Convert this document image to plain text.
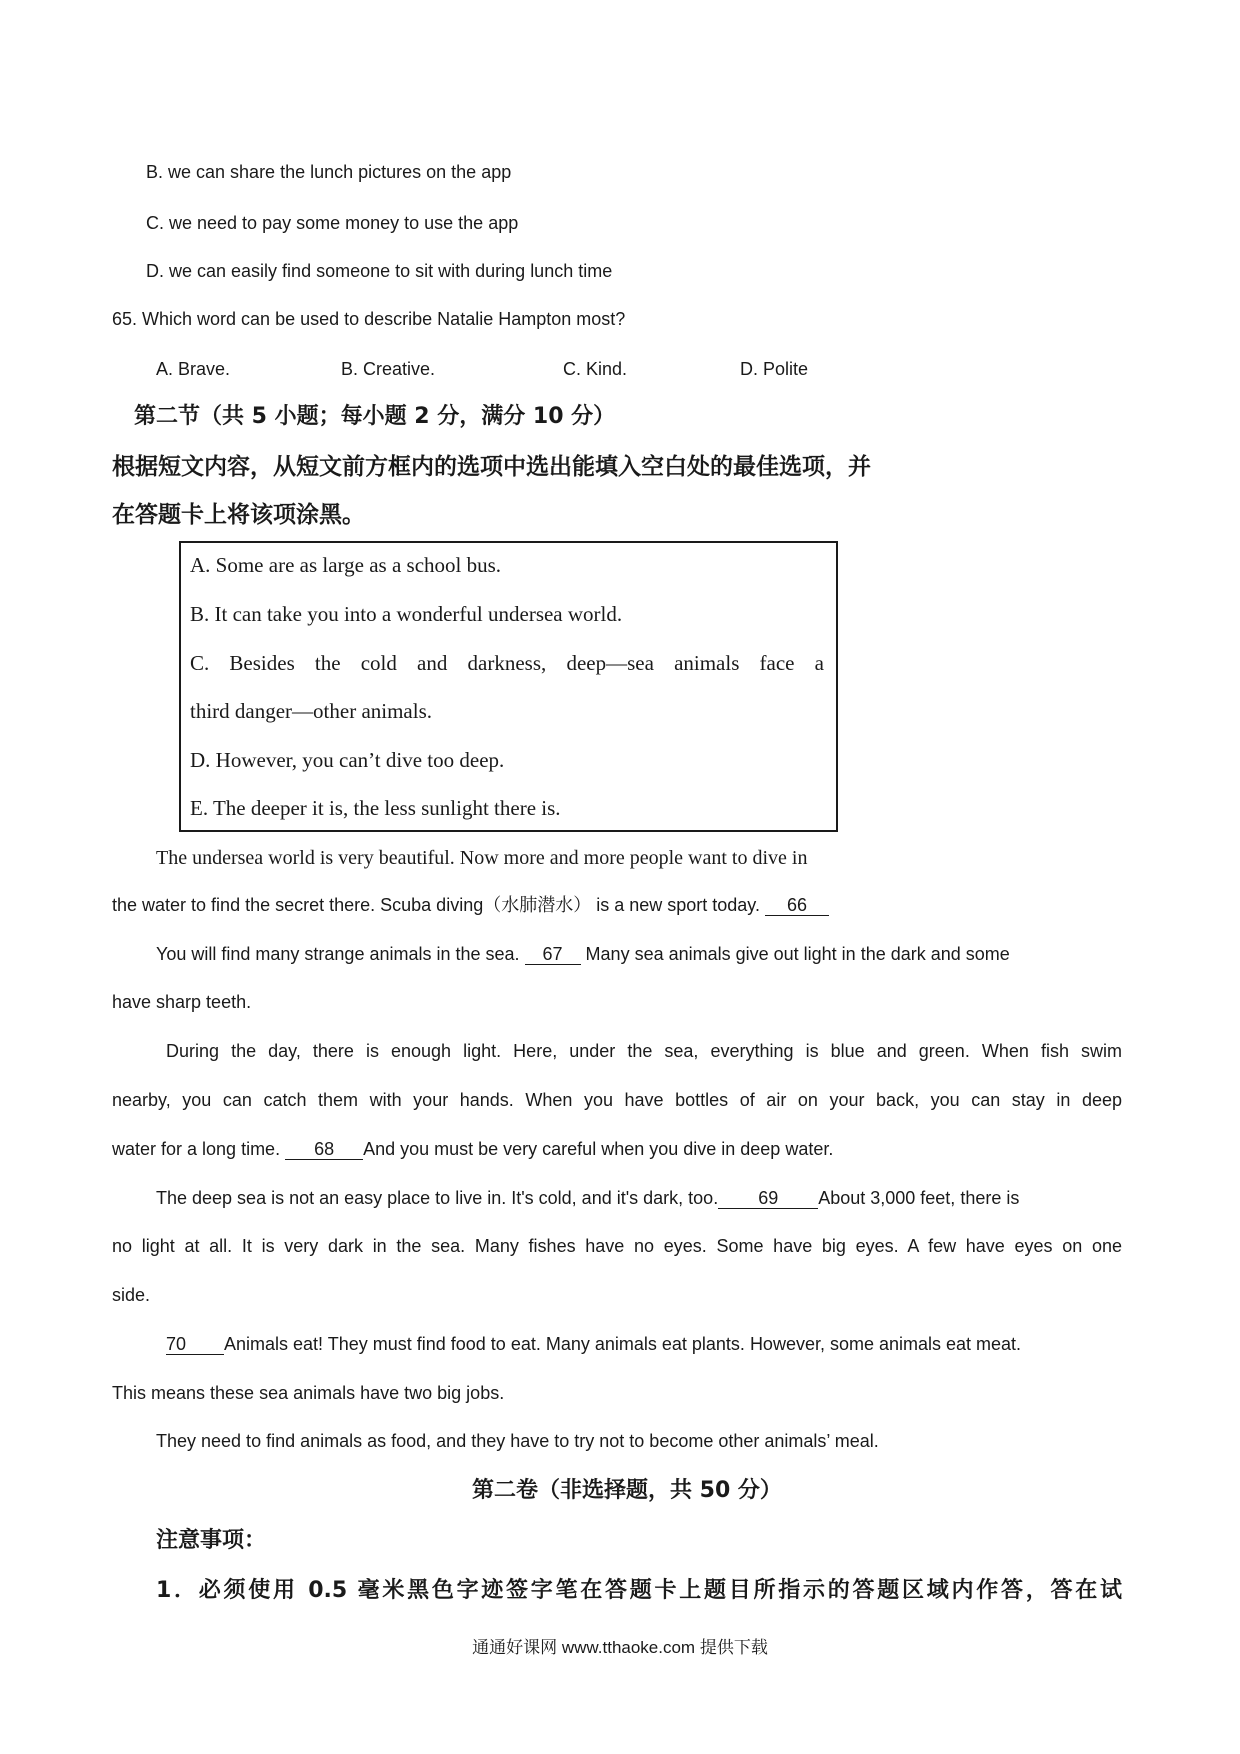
B. we can share the lunch pictures on the app
C. we need to pay some money to use the app
D. we can easily find someone to sit with during lunch time
65. Which word can be used to describe Natalie Hampton most?
A. Brave.	B. Creative.	C. Kind.	D. Polite
第二节（共 5 小题；每小题 2 分，满分 10 分）
根据短文内容，从短文前方框内的选项中选出能填入空白处的最佳选项，并
在答题卡上将该项涂黑。
A. Some are as large as a school bus.
B. It can take you into a wonderful undersea world.
C. Besides the cold and darkness, deep—sea animals face a
third danger—other animals.
D. However, you can’t dive too deep.
E. The deeper it is, the less sunlight there is.
The undersea world is very beautiful. Now more and more people want to dive in
the water to find the secret there. Scuba diving（水肺潜水） is a new sport today. 66
You will find many strange animals in the sea. 67 Many sea animals give out light in the dark and some
have sharp teeth.
During the day, there is enough light. Here, under the sea, everything is blue and green. When fish swim
nearby, you can catch them with your hands. When you have bottles of air on your back, you can stay in deep
water for a long time. 68 And you must be very careful when you dive in deep water.
The deep sea is not an easy place to live in. It's cold, and it's dark, too. 69 About 3,000 feet, there is
no light at all. It is very dark in the sea. Many fishes have no eyes. Some have big eyes. A few have eyes on one
side.
70 Animals eat! They must find food to eat. Many animals eat plants. However, some animals eat meat.
This means these sea animals have two big jobs.
They need to find animals as food, and they have to try not to become other animals’ meal.
第二卷（非选择题，共 50 分）
注意事项：
1．必须使用 0.5 毫米黑色字迹签字笔在答题卡上题目所指示的答题区域内作答，答在试
通通好课网 www.tthaoke.com 提供下载
